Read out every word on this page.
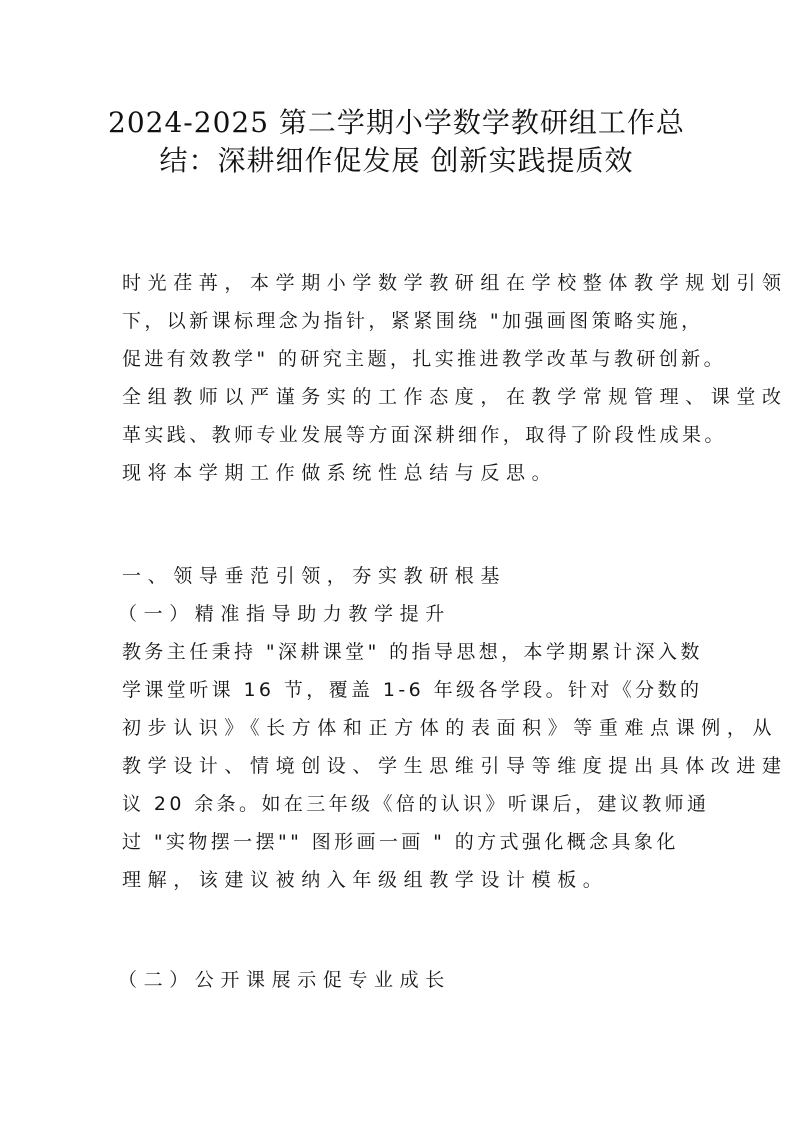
2024-2025 第二学期小学数学教研组工作总
结：深耕细作促发展 创新实践提质效
时光荏苒，本学期小学数学教研组在学校整体教学规划引领
下，以新课标理念为指针，紧紧围绕 "加强画图策略实施，
促进有效教学" 的研究主题，扎实推进教学改革与教研创新。
全组教师以严谨务实的工作态度，在教学常规管理、课堂改
革实践、教师专业发展等方面深耕细作，取得了阶段性成果。
现将本学期工作做系统性总结与反思。
一、领导垂范引领，夯实教研根基
（一）精准指导助力教学提升
教务主任秉持 "深耕课堂" 的指导思想，本学期累计深入数
学课堂听课 16 节，覆盖 1-6 年级各学段。针对《分数的
初步认识》《长方体和正方体的表面积》等重难点课例，从
教学设计、情境创设、学生思维引导等维度提出具体改进建
议 20 余条。如在三年级《倍的认识》听课后，建议教师通
过 "实物摆一摆"" 图形画一画 " 的方式强化概念具象化
理解，该建议被纳入年级组教学设计模板。
（二）公开课展示促专业成长
